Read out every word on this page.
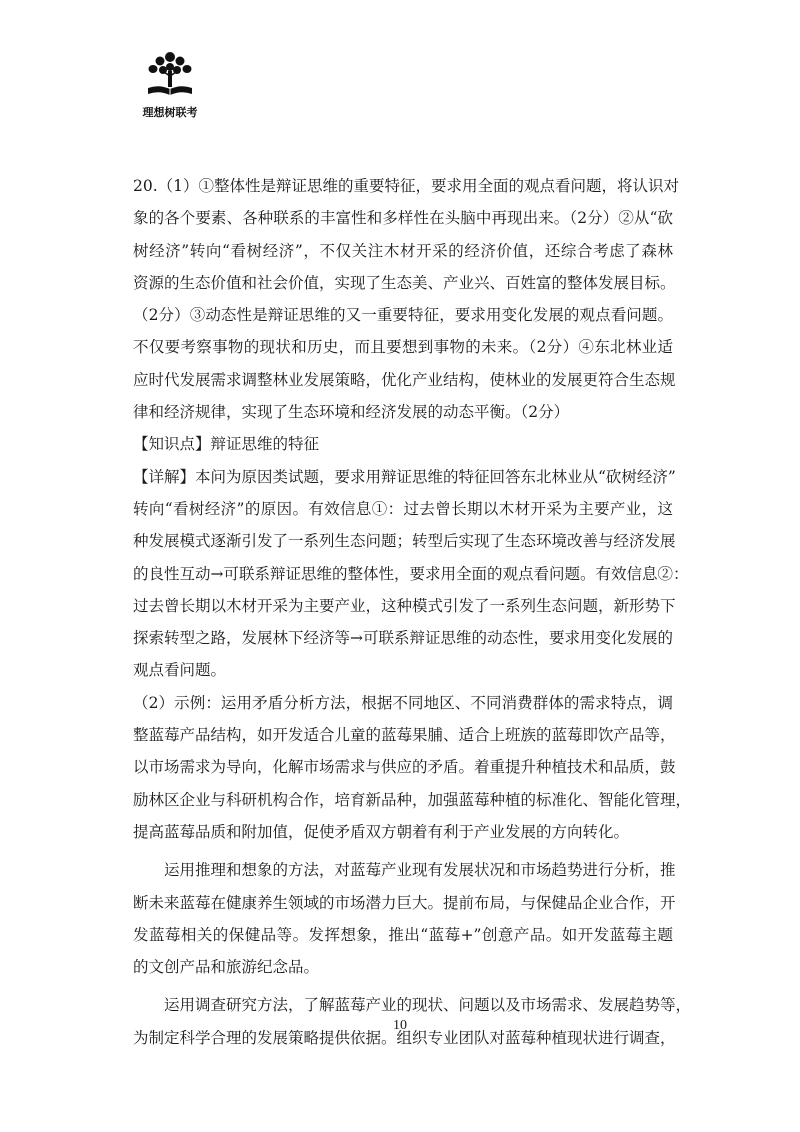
理想树联考
20.（1）①整体性是辩证思维的重要特征，要求用全面的观点看问题，将认识对
象的各个要素、各种联系的丰富性和多样性在头脑中再现出来。（2分）②从“砍
树经济”转向“看树经济”，不仅关注木材开采的经济价值，还综合考虑了森林
资源的生态价值和社会价值，实现了生态美、产业兴、百姓富的整体发展目标。
（2分）③动态性是辩证思维的又一重要特征，要求用变化发展的观点看问题。
不仅要考察事物的现状和历史，而且要想到事物的未来。（2分）④东北林业适
应时代发展需求调整林业发展策略，优化产业结构，使林业的发展更符合生态规
律和经济规律，实现了生态环境和经济发展的动态平衡。（2分）
【知识点】辩证思维的特征
【详解】本问为原因类试题，要求用辩证思维的特征回答东北林业从“砍树经济”
转向“看树经济”的原因。有效信息①：过去曾长期以木材开采为主要产业，这
种发展模式逐渐引发了一系列生态问题；转型后实现了生态环境改善与经济发展
的良性互动→可联系辩证思维的整体性，要求用全面的观点看问题。有效信息②：
过去曾长期以木材开采为主要产业，这种模式引发了一系列生态问题，新形势下
探索转型之路，发展林下经济等→可联系辩证思维的动态性，要求用变化发展的
观点看问题。
（2）示例：运用矛盾分析方法，根据不同地区、不同消费群体的需求特点，调
整蓝莓产品结构，如开发适合儿童的蓝莓果脯、适合上班族的蓝莓即饮产品等，
以市场需求为导向，化解市场需求与供应的矛盾。着重提升种植技术和品质，鼓
励林区企业与科研机构合作，培育新品种，加强蓝莓种植的标准化、智能化管理，
提高蓝莓品质和附加值，促使矛盾双方朝着有利于产业发展的方向转化。
运用推理和想象的方法，对蓝莓产业现有发展状况和市场趋势进行分析，推
断未来蓝莓在健康养生领域的市场潜力巨大。提前布局，与保健品企业合作，开
发蓝莓相关的保健品等。发挥想象，推出“蓝莓+”创意产品。如开发蓝莓主题
的文创产品和旅游纪念品。
运用调查研究方法，了解蓝莓产业的现状、问题以及市场需求、发展趋势等，
为制定科学合理的发展策略提供依据。组织专业团队对蓝莓种植现状进行调查，
10
